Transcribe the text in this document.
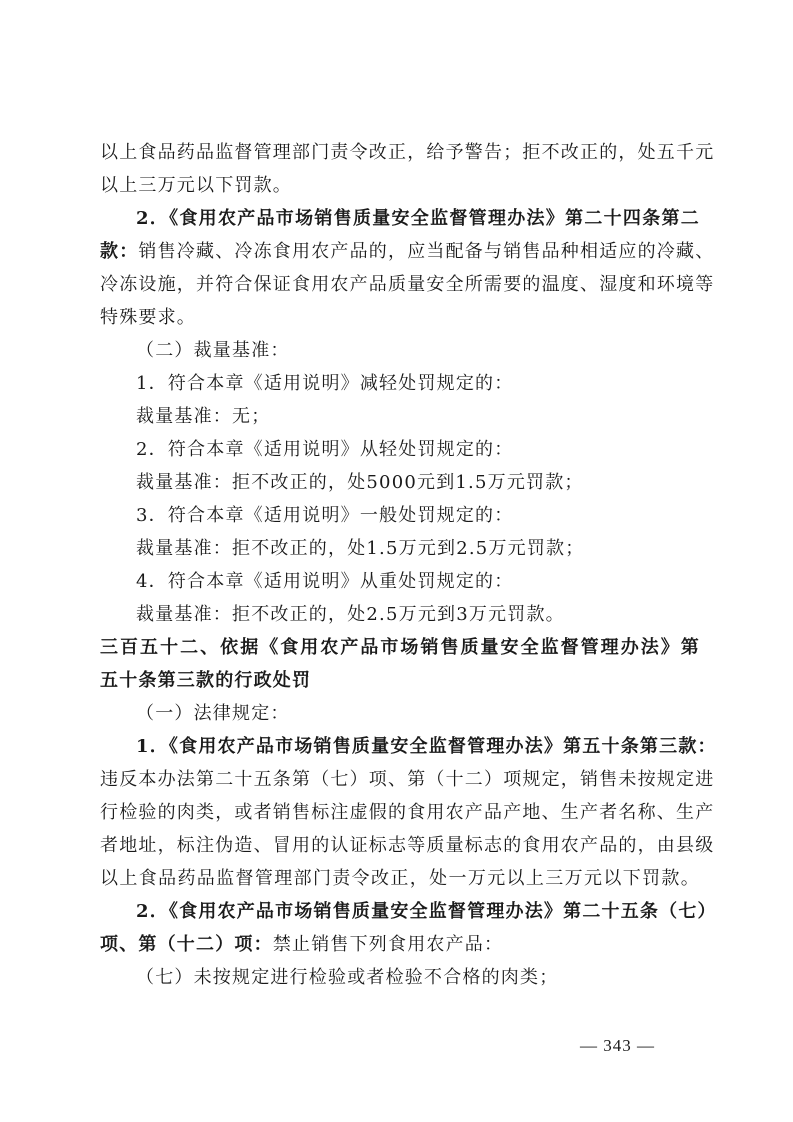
以上食品药品监督管理部门责令改正，给予警告；拒不改正的，处五千元
以上三万元以下罚款。
2．《食用农产品市场销售质量安全监督管理办法》第二十四条第二
款：销售冷藏、冷冻食用农产品的，应当配备与销售品种相适应的冷藏、
冷冻设施，并符合保证食用农产品质量安全所需要的温度、湿度和环境等
特殊要求。
（二）裁量基准：
1．符合本章《适用说明》减轻处罚规定的：
裁量基准：无；
2．符合本章《适用说明》从轻处罚规定的：
裁量基准：拒不改正的，处5000元到1.5万元罚款；
3．符合本章《适用说明》一般处罚规定的：
裁量基准：拒不改正的，处1.5万元到2.5万元罚款；
4．符合本章《适用说明》从重处罚规定的：
裁量基准：拒不改正的，处2.5万元到3万元罚款。
三百五十二、依据《食用农产品市场销售质量安全监督管理办法》第
五十条第三款的行政处罚
（一）法律规定：
1．《食用农产品市场销售质量安全监督管理办法》第五十条第三款：
违反本办法第二十五条第（七）项、第（十二）项规定，销售未按规定进
行检验的肉类，或者销售标注虚假的食用农产品产地、生产者名称、生产
者地址，标注伪造、冒用的认证标志等质量标志的食用农产品的，由县级
以上食品药品监督管理部门责令改正，处一万元以上三万元以下罚款。
2．《食用农产品市场销售质量安全监督管理办法》第二十五条（七）
项、第（十二）项：禁止销售下列食用农产品：
（七）未按规定进行检验或者检验不合格的肉类；
— 343 —
